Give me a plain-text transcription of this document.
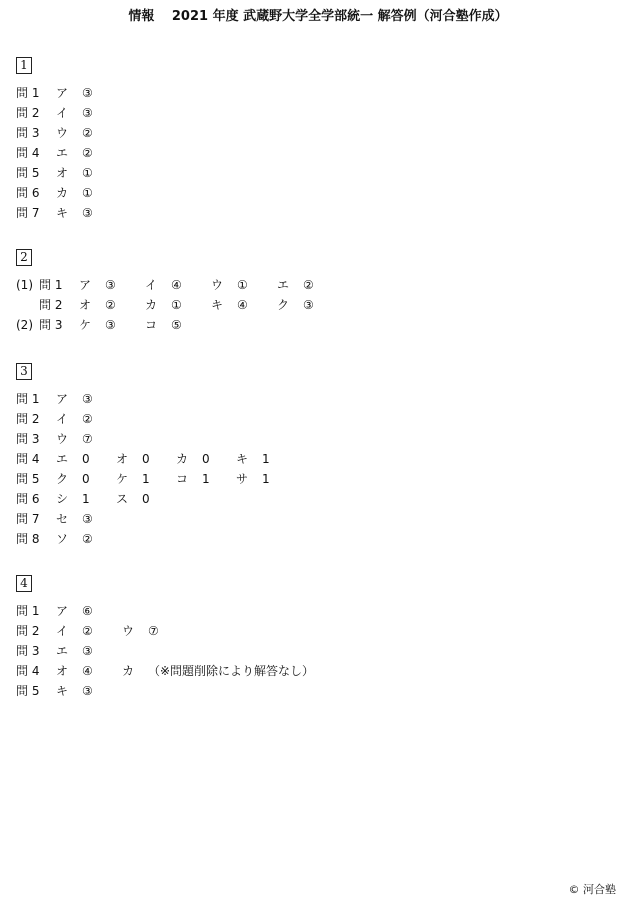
情報　 2021 年度 武蔵野大学全学部統一 解答例（河合塾作成）
1
問 1 ア ③
問 2 イ ③
問 3 ウ ②
問 4 エ ②
問 5 オ ①
問 6 カ ①
問 7 キ ③
2
(1) 問 1 ア ③ イ ④ ウ ① エ ②
問 2 オ ② カ ① キ ④ ク ③
(2) 問 3 ケ ③ コ ⑤
3
問 1 ア ③
問 2 イ ②
問 3 ウ ⑦
問 4 エ 0 オ 0 カ 0 キ 1
問 5 ク 0 ケ 1 コ 1 サ 1
問 6 シ 1 ス 0
問 7 セ ③
問 8 ソ ②
4
問 1 ア ⑥
問 2 イ ② ウ ⑦
問 3 エ ③
問 4 オ ④ カ （※問題削除により解答なし）
問 5 キ ③
© 河合塾
